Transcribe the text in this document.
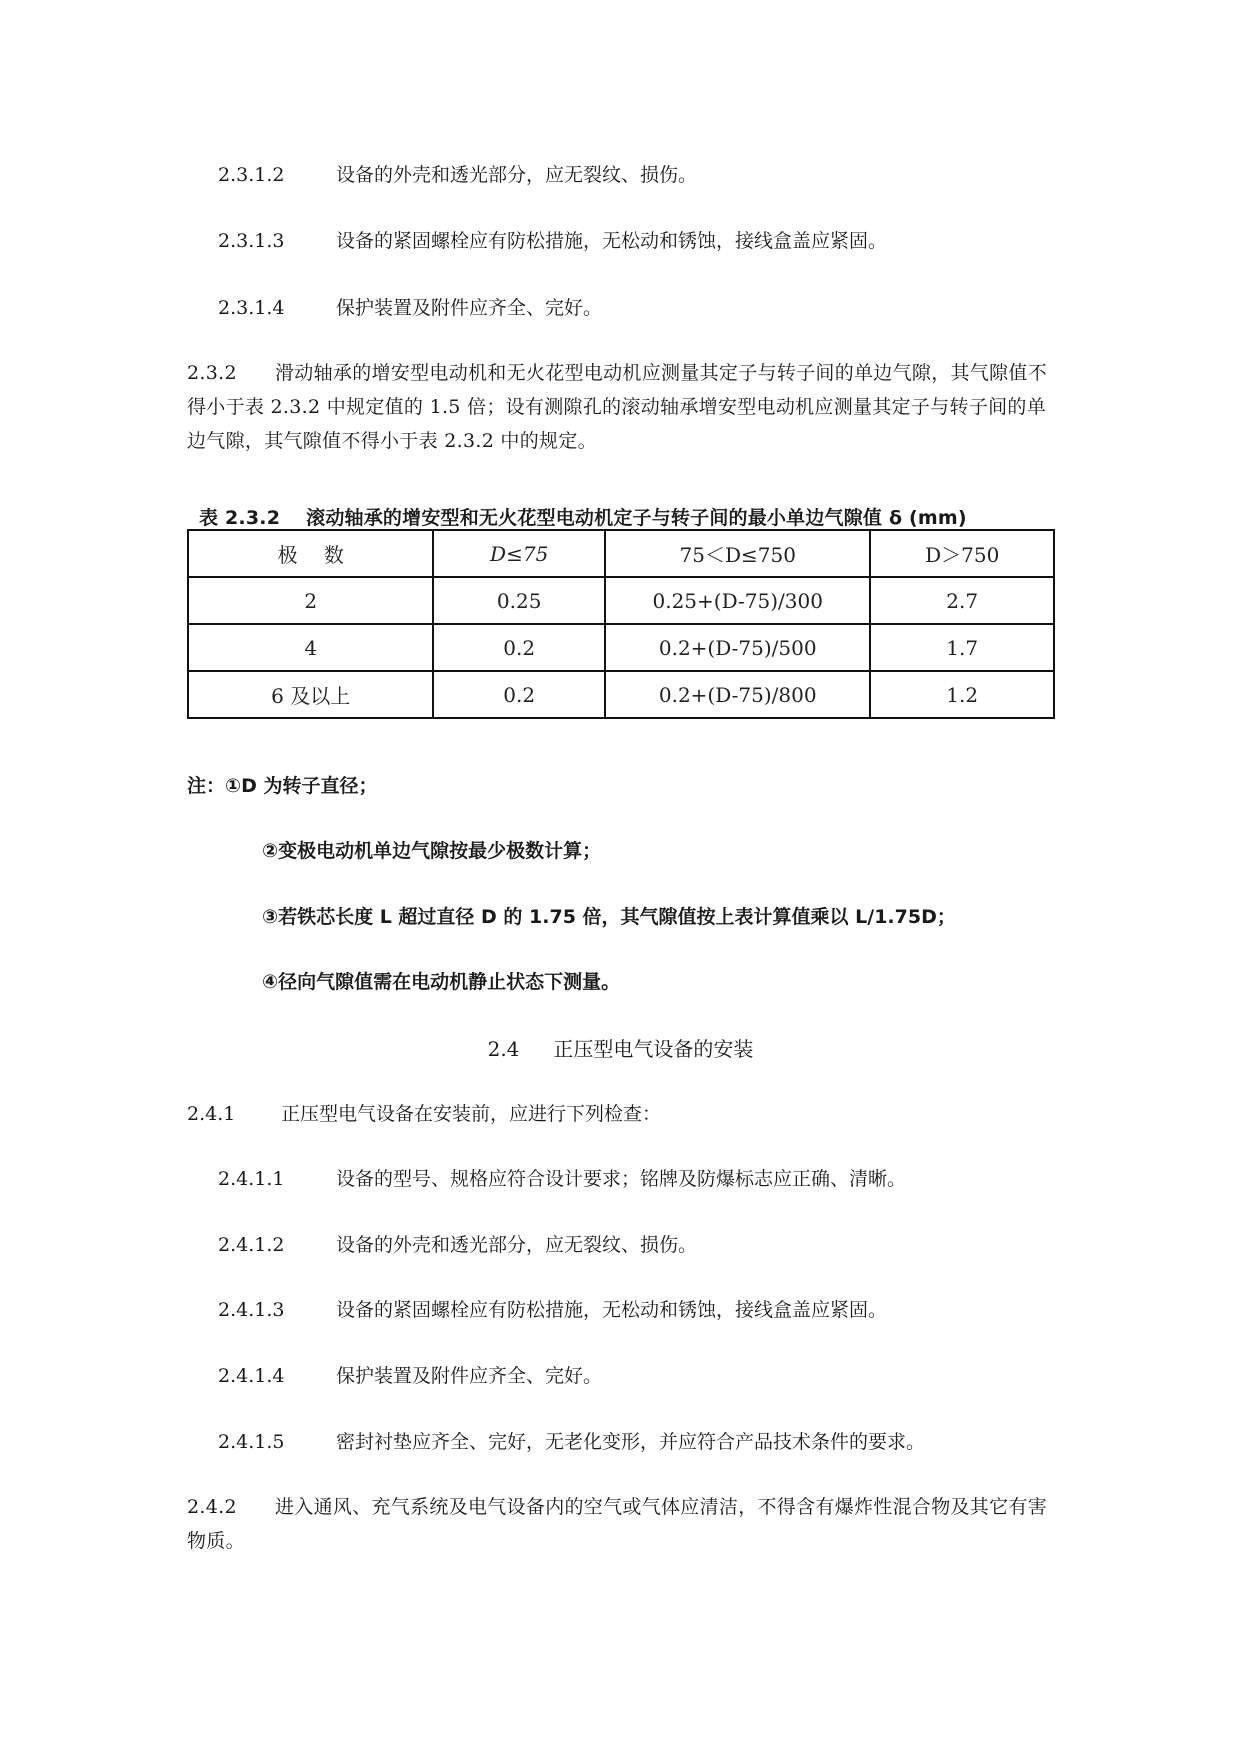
2.3.1.2	设备的外壳和透光部分，应无裂纹、损伤。
2.3.1.3	设备的紧固螺栓应有防松措施，无松动和锈蚀，接线盒盖应紧固。
2.3.1.4	保护装置及附件应齐全、完好。
2.3.2 滑动轴承的增安型电动机和无火花型电动机应测量其定子与转子间的单边气隙，其气隙值不得小于表 2.3.2 中规定值的 1.5 倍；设有测隙孔的滚动轴承增安型电动机应测量其定子与转子间的单边气隙，其气隙值不得小于表 2.3.2 中的规定。
表 2.3.2　 滚动轴承的增安型和无火花型电动机定子与转子间的最小单边气隙值 δ (mm)
极　 数	D≤75	75＜D≤750	D＞750
2	0.25	0.25+(D-75)/300	2.7
4	0.2	0.2+(D-75)/500	1.7
6 及以上	0.2	0.2+(D-75)/800	1.2
注：①D 为转子直径；
②变极电动机单边气隙按最少极数计算；
③若铁芯长度 L 超过直径 D 的 1.75 倍，其气隙值按上表计算值乘以 L/1.75D；
④径向气隙值需在电动机静止状态下测量。
2.4 正压型电气设备的安装
2.4.1 正压型电气设备在安装前，应进行下列检查：
2.4.1.1	设备的型号、规格应符合设计要求；铭牌及防爆标志应正确、清晰。
2.4.1.2	设备的外壳和透光部分，应无裂纹、损伤。
2.4.1.3	设备的紧固螺栓应有防松措施，无松动和锈蚀，接线盒盖应紧固。
2.4.1.4	保护装置及附件应齐全、完好。
2.4.1.5	密封衬垫应齐全、完好，无老化变形，并应符合产品技术条件的要求。
2.4.2 进入通风、充气系统及电气设备内的空气或气体应清洁，不得含有爆炸性混合物及其它有害物质。
